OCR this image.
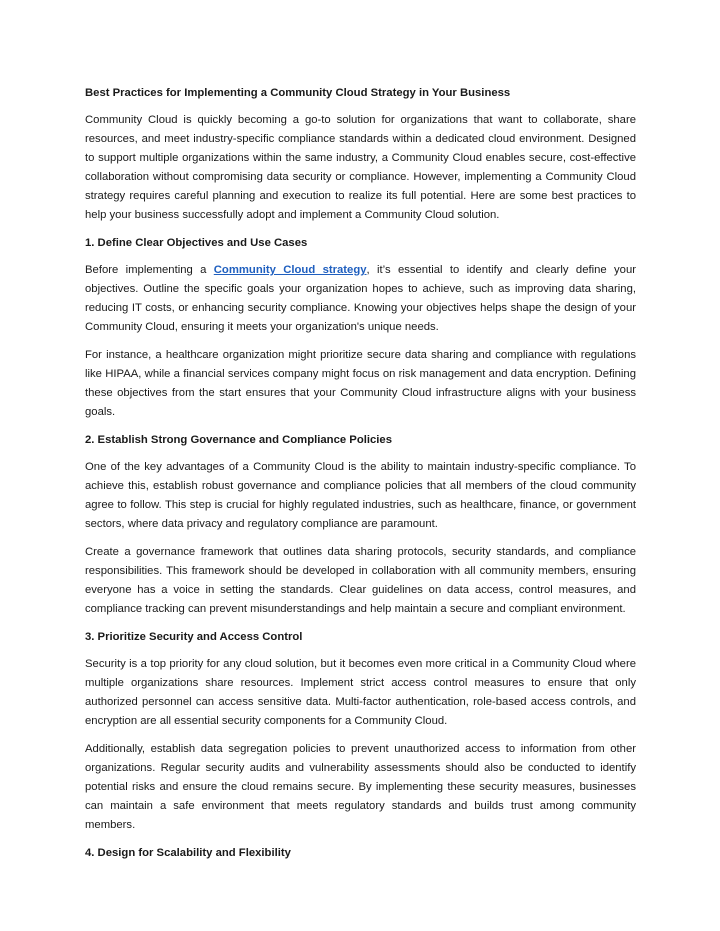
Best Practices for Implementing a Community Cloud Strategy in Your Business

Community Cloud is quickly becoming a go-to solution for organizations that want to collaborate, share resources, and meet industry-specific compliance standards within a dedicated cloud environment. Designed to support multiple organizations within the same industry, a Community Cloud enables secure, cost-effective collaboration without compromising data security or compliance. However, implementing a Community Cloud strategy requires careful planning and execution to realize its full potential. Here are some best practices to help your business successfully adopt and implement a Community Cloud solution.

1. Define Clear Objectives and Use Cases

Before implementing a Community Cloud strategy, it’s essential to identify and clearly define your objectives. Outline the specific goals your organization hopes to achieve, such as improving data sharing, reducing IT costs, or enhancing security compliance. Knowing your objectives helps shape the design of your Community Cloud, ensuring it meets your organization's unique needs.

For instance, a healthcare organization might prioritize secure data sharing and compliance with regulations like HIPAA, while a financial services company might focus on risk management and data encryption. Defining these objectives from the start ensures that your Community Cloud infrastructure aligns with your business goals.

2. Establish Strong Governance and Compliance Policies

One of the key advantages of a Community Cloud is the ability to maintain industry-specific compliance. To achieve this, establish robust governance and compliance policies that all members of the cloud community agree to follow. This step is crucial for highly regulated industries, such as healthcare, finance, or government sectors, where data privacy and regulatory compliance are paramount.

Create a governance framework that outlines data sharing protocols, security standards, and compliance responsibilities. This framework should be developed in collaboration with all community members, ensuring everyone has a voice in setting the standards. Clear guidelines on data access, control measures, and compliance tracking can prevent misunderstandings and help maintain a secure and compliant environment.

3. Prioritize Security and Access Control

Security is a top priority for any cloud solution, but it becomes even more critical in a Community Cloud where multiple organizations share resources. Implement strict access control measures to ensure that only authorized personnel can access sensitive data. Multi-factor authentication, role-based access controls, and encryption are all essential security components for a Community Cloud.

Additionally, establish data segregation policies to prevent unauthorized access to information from other organizations. Regular security audits and vulnerability assessments should also be conducted to identify potential risks and ensure the cloud remains secure. By implementing these security measures, businesses can maintain a safe environment that meets regulatory standards and builds trust among community members.

4. Design for Scalability and Flexibility
